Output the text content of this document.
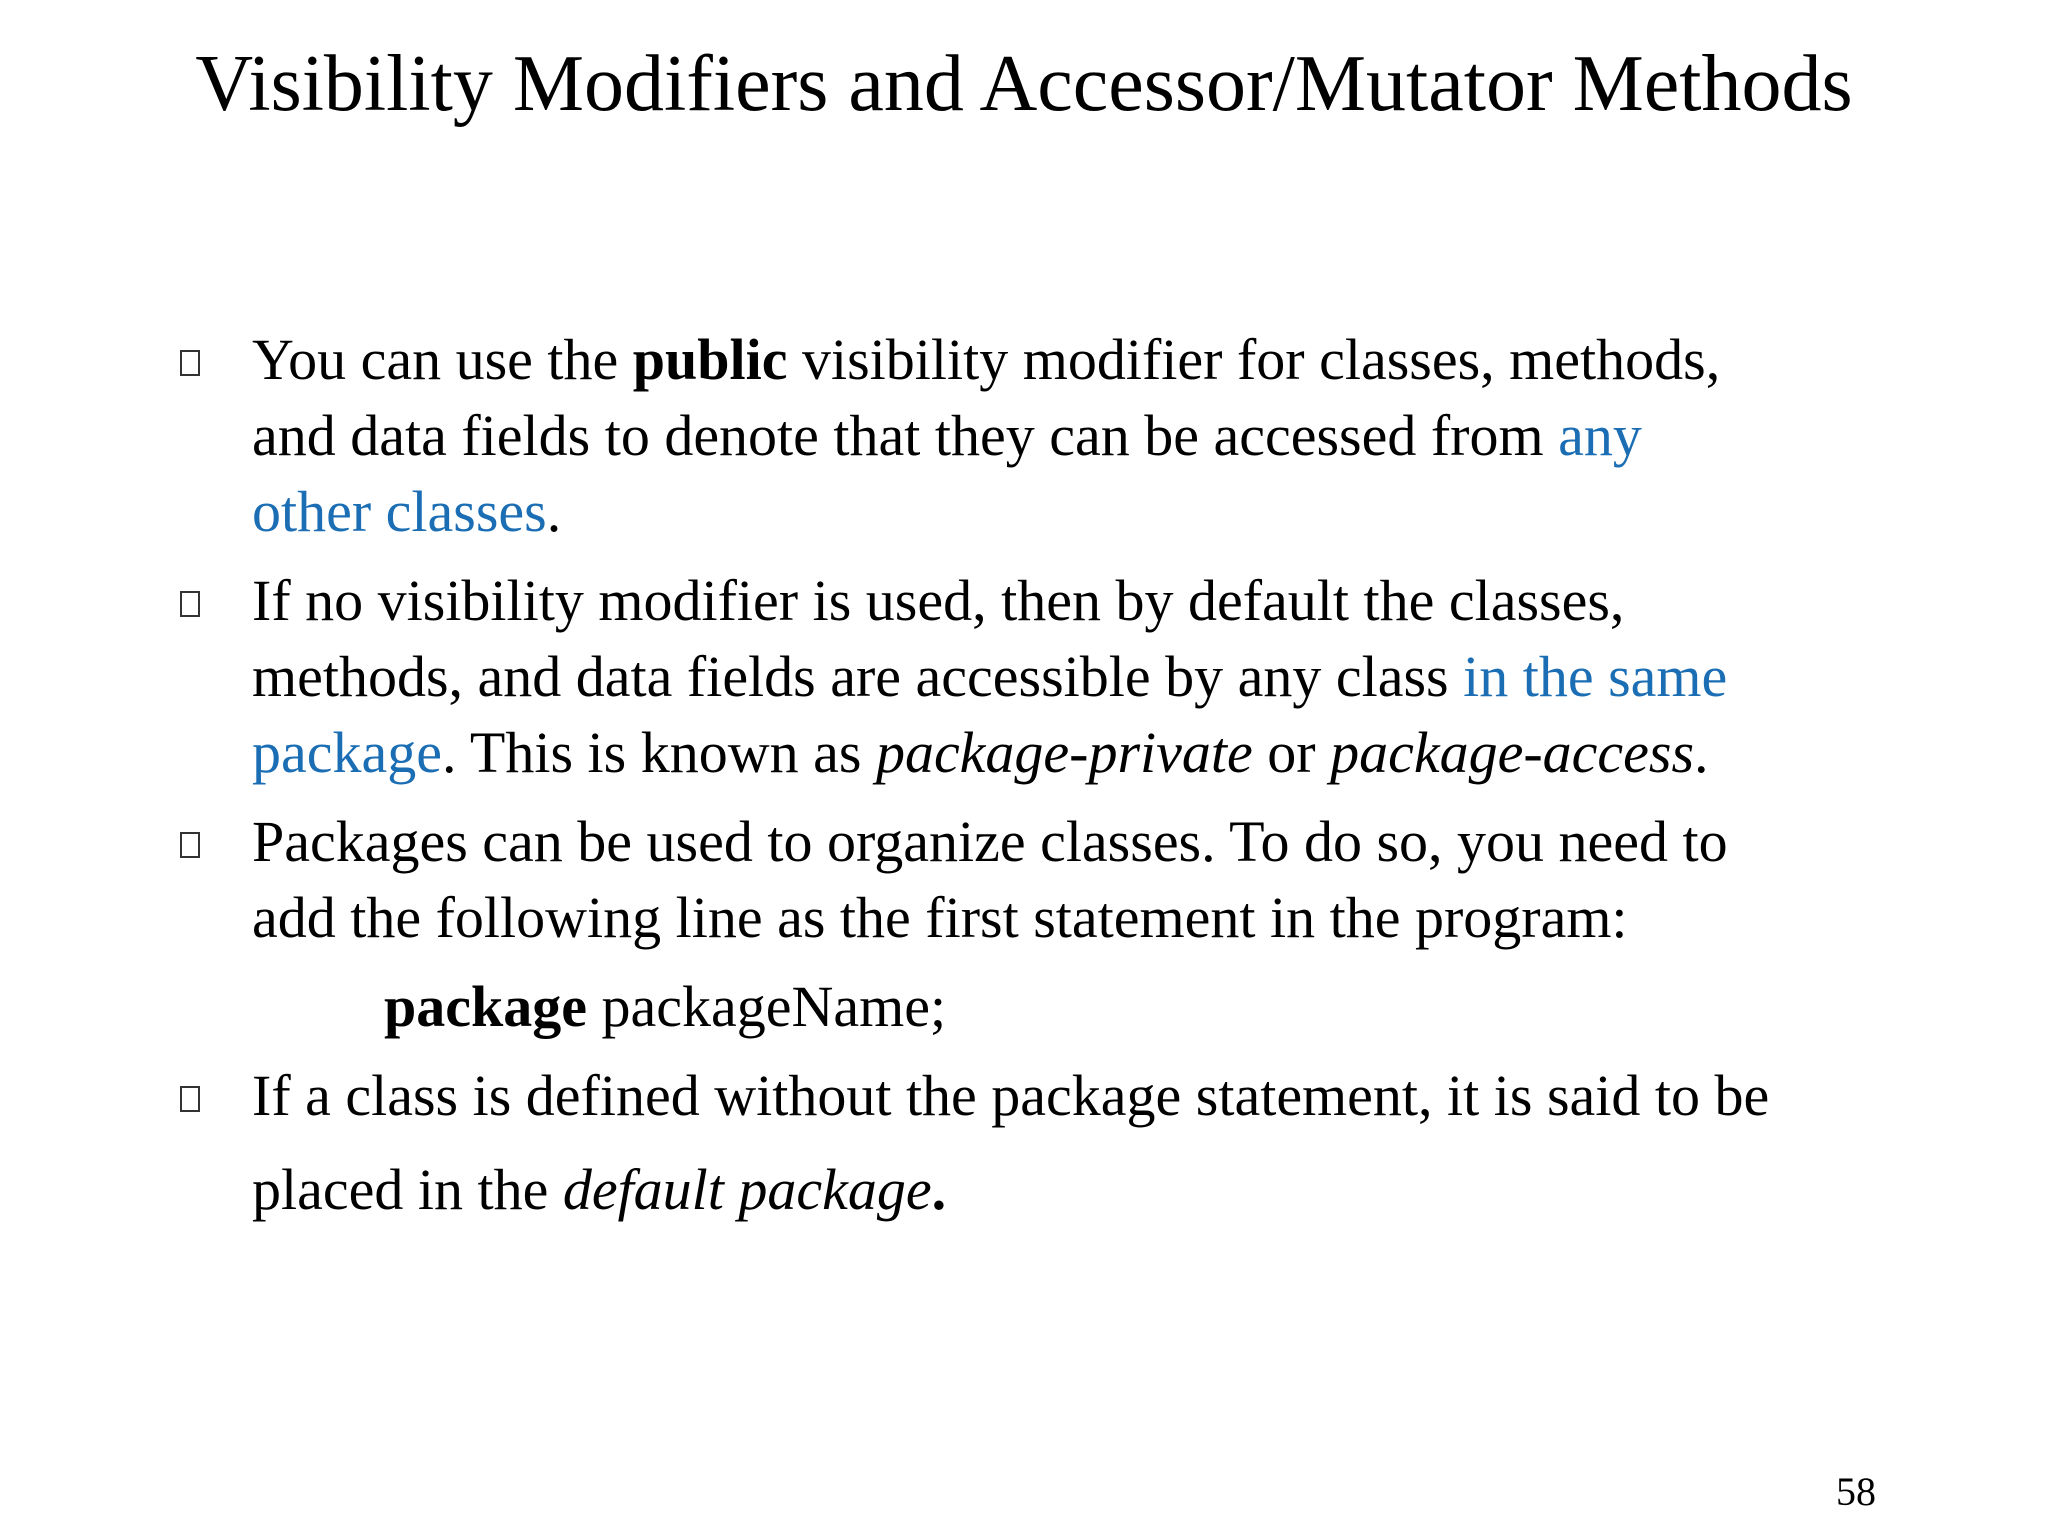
Visibility Modifiers and Accessor/Mutator Methods
You can use the public visibility modifier for classes, methods,
and data fields to denote that they can be accessed from any
other classes.
If no visibility modifier is used, then by default the classes,
methods, and data fields are accessible by any class in the same
package. This is known as package-private or package-access.
Packages can be used to organize classes. To do so, you need to
add the following line as the first statement in the program:
package packageName;
If a class is defined without the package statement, it is said to be
placed in the default package.
58
